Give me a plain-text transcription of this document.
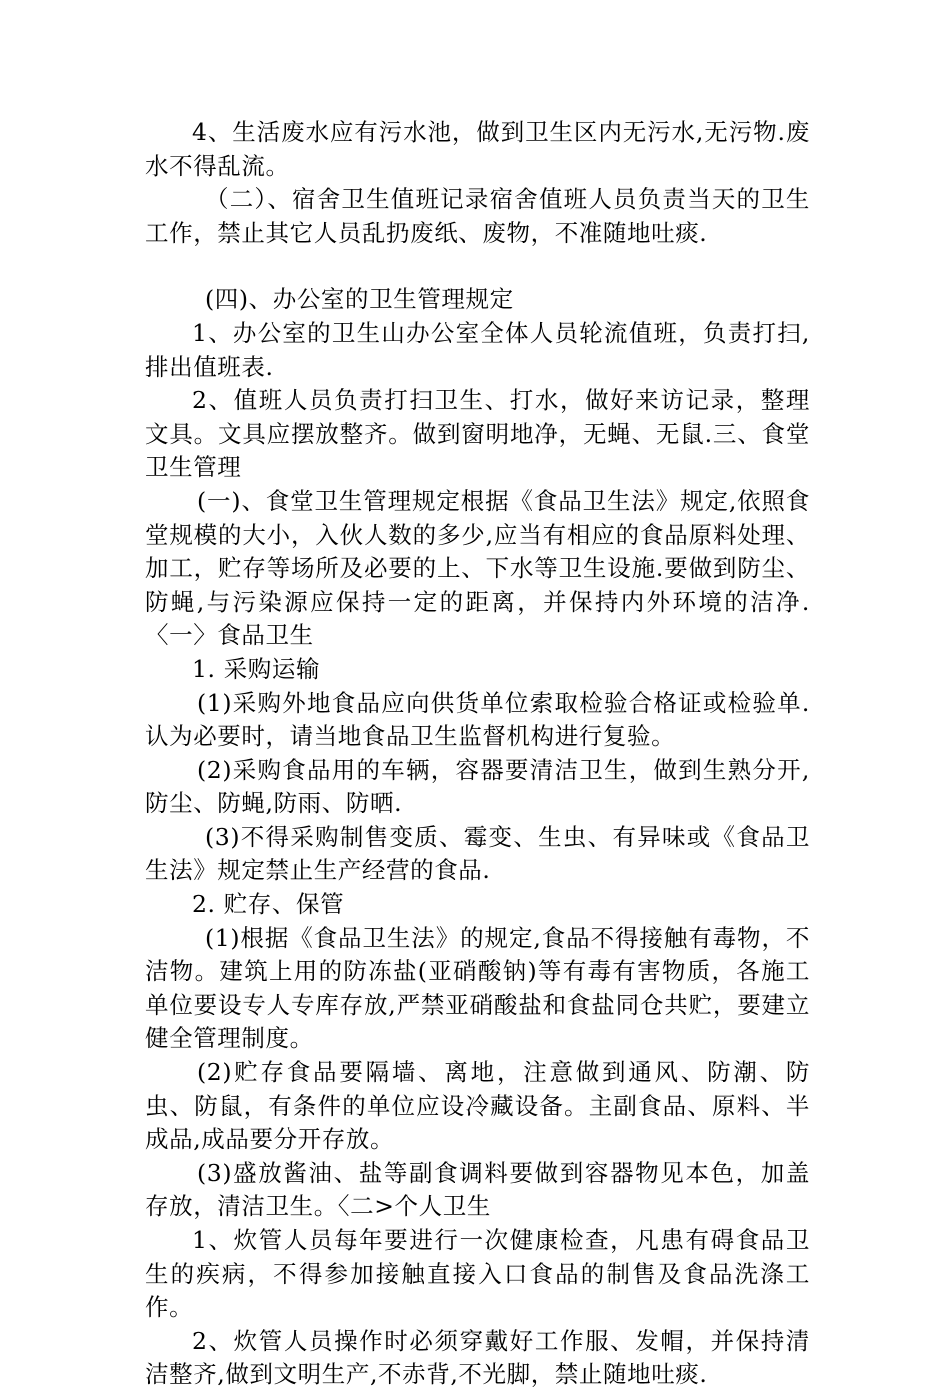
4、生活废水应有污水池，做到卫生区内无污水,无污物.废水不得乱流。

（二）、宿舍卫生值班记录宿舍值班人员负责当天的卫生工作，禁止其它人员乱扔废纸、废物，不准随地吐痰.

(四)、办公室的卫生管理规定

1、办公室的卫生山办公室全体人员轮流值班，负责打扫,排出值班表.

2、值班人员负责打扫卫生、打水，做好来访记录，整理文具。文具应摆放整齐。做到窗明地净，无蝇、无鼠.三、食堂卫生管理

(一)、食堂卫生管理规定根据《食品卫生法》规定,依照食堂规模的大小，入伙人数的多少,应当有相应的食品原料处理、加工，贮存等场所及必要的上、下水等卫生设施.要做到防尘、防蝇,与污染源应保持一定的距离，并保持内外环境的洁净.〈一〉食品卫生

1. 采购运输

(1)采购外地食品应向供货单位索取检验合格证或检验单.认为必要时，请当地食品卫生监督机构进行复验。

(2)采购食品用的车辆，容器要清洁卫生，做到生熟分开,防尘、防蝇,防雨、防晒.

(3)不得采购制售变质、霉变、生虫、有异味或《食品卫生法》规定禁止生产经营的食品.

2. 贮存、保管

(1)根据《食品卫生法》的规定,食品不得接触有毒物，不洁物。建筑上用的防冻盐(亚硝酸钠)等有毒有害物质，各施工单位要设专人专库存放,严禁亚硝酸盐和食盐同仓共贮，要建立健全管理制度。

(2)贮存食品要隔墙、离地，注意做到通风、防潮、防虫、防鼠，有条件的单位应设冷藏设备。主副食品、原料、半成品,成品要分开存放。

(3)盛放酱油、盐等副食调料要做到容器物见本色，加盖存放，清洁卫生。〈二>个人卫生

1、炊管人员每年要进行一次健康检查，凡患有碍食品卫生的疾病，不得参加接触直接入口食品的制售及食品洗涤工作。

2、炊管人员操作时必须穿戴好工作服、发帽，并保持清洁整齐,做到文明生产,不赤背,不光脚，禁止随地吐痰.
